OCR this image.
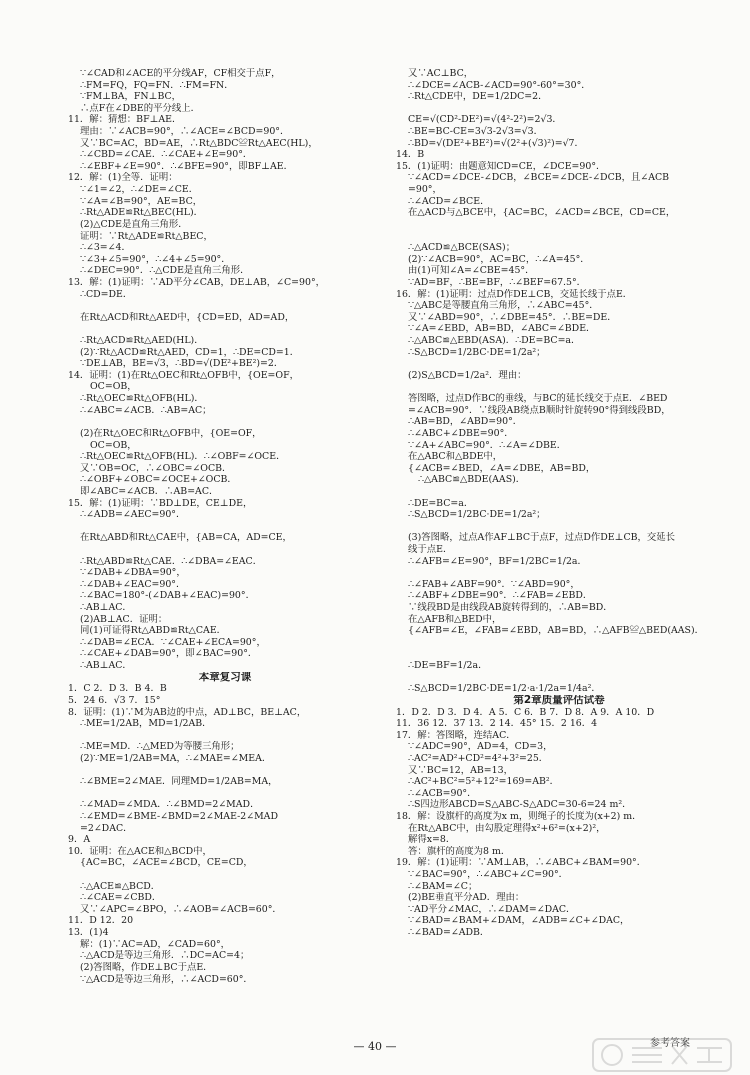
∵∠CAD和∠ACE的平分线AF，CF相交于点F，
∴FM=FQ，FQ=FN．∴FM=FN．
∵FM⊥BA，FN⊥BC，
∴点F在∠DBE的平分线上．
11．解：猜想：BF⊥AE．
理由：∵∠ACB=90°，∴∠ACE=∠BCD=90°．
又∵BC=AC，BD=AE，∴Rt△BDC≌Rt△AEC(HL)，
∴∠CBD=∠CAE．∴∠CAE+∠E=90°．
∴∠EBF+∠E=90°．∴∠BFE=90°，即BF⊥AE．
12．解：(1)全等．证明：
∵∠1=∠2，∴∠DE=∠CE．
∵∠A=∠B=90°，AE=BC，
∴Rt△ADE≌Rt△BEC(HL)．
(2)△CDE是直角三角形．
证明：∵Rt△ADE≌Rt△BEC，
∴∠3=∠4．
∵∠3+∠5=90°，∴∠4+∠5=90°．
∴∠DEC=90°．∴△CDE是直角三角形．
13．解：(1)证明：∵AD平分∠CAB，DE⊥AB，∠C=90°，
∴CD=DE．
在Rt△ACD和Rt△AED中，{CD=ED，AD=AD，
∴Rt△ACD≌Rt△AED(HL)．
(2)∵Rt△ACD≌Rt△AED，CD=1，∴DE=CD=1．
∵DE⊥AB，BE=√3，∴BD=√(DE²+BE²)=2．
14．证明：(1)在Rt△OEC和Rt△OFB中，{OE=OF，
OC=OB，
∴Rt△OEC≌Rt△OFB(HL)．
∴∠ABC=∠ACB．∴AB=AC；
(2)在Rt△OEC和Rt△OFB中，{OE=OF，
OC=OB，
∴Rt△OEC≌Rt△OFB(HL)．∴∠OBF=∠OCE．
又∵OB=OC，∴∠OBC=∠OCB．
∴∠OBF+∠OBC=∠OCE+∠OCB．
即∠ABC=∠ACB．∴AB=AC．
15．解：(1)证明：∵BD⊥DE，CE⊥DE，
∴∠ADB=∠AEC=90°．
在Rt△ABD和Rt△CAE中，{AB=CA，AD=CE，
∴Rt△ABD≌Rt△CAE．∴∠DBA=∠EAC．
∵∠DAB+∠DBA=90°，
∴∠DAB+∠EAC=90°．
∴∠BAC=180°-(∠DAB+∠EAC)=90°．
∴AB⊥AC．
(2)AB⊥AC．证明：
同(1)可证得Rt△ABD≌Rt△CAE．
∴∠DAB=∠ECA．∵∠CAE+∠ECA=90°，
∴∠CAE+∠DAB=90°，即∠BAC=90°．
∴AB⊥AC．
本章复习课
1．C 2．D 3．B 4．B
5．24 6．√3 7．15°
8．证明：(1)∵M为AB边的中点，AD⊥BC，BE⊥AC，
∴ME=1/2AB，MD=1/2AB．
∴ME=MD．∴△MED为等腰三角形；
(2)∵ME=1/2AB=MA，∴∠MAE=∠MEA．
∴∠BME=2∠MAE．同理MD=1/2AB=MA，
∴∠MAD=∠MDA．∴∠BMD=2∠MAD．
∴∠EMD=∠BME-∠BMD=2∠MAE-2∠MAD
=2∠DAC．
9．A
10．证明：在△ACE和△BCD中，
{AC=BC，∠ACE=∠BCD，CE=CD，
∴△ACE≌△BCD．
∴∠CAE=∠CBD．
又∵∠APC=∠BPO，∴∠AOB=∠ACB=60°．
11．D 12．20
13．(1)4
解：(1)∵AC=AD，∠CAD=60°，
∴△ACD是等边三角形．∴DC=AC=4；
(2)答图略，作DE⊥BC于点E．
∵△ACD是等边三角形，∴∠ACD=60°．
又∵AC⊥BC，
∴∠DCE=∠ACB-∠ACD=90°-60°=30°．
∴Rt△CDE中，DE=1/2DC=2．
CE=√(CD²-DE²)=√(4²-2²)=2√3．
∴BE=BC-CE=3√3-2√3=√3．
∴BD=√(DE²+BE²)=√(2²+(√3)²)=√7．
14．B
15．(1)证明：由题意知CD=CE，∠DCE=90°．
∵∠ACD=∠DCE-∠DCB，∠BCE=∠DCE-∠DCB，且∠ACB
=90°，
∴∠ACD=∠BCE．
在△ACD与△BCE中，{AC=BC，∠ACD=∠BCE，CD=CE，
∴△ACD≌△BCE(SAS)；
(2)∵∠ACB=90°，AC=BC，∴∠A=45°．
由(1)可知∠A=∠CBE=45°．
∵AD=BF，∴BE=BF，∴∠BEF=67.5°．
16．解：(1)证明：过点D作DE⊥CB，交延长线于点E．
∵△ABC是等腰直角三角形，∴∠ABC=45°．
又∵∠ABD=90°，∴∠DBE=45°．∴BE=DE．
∵∠A=∠EBD，AB=BD，∠ABC=∠BDE．
∴△ABC≌△EBD(ASA)．∴DE=BC=a．
∴S△BCD=1/2BC·DE=1/2a²；
(2)S△BCD=1/2a²．理由：
答图略，过点D作BC的垂线，与BC的延长线交于点E．∠BED
=∠ACB=90°．∵线段AB绕点B顺时针旋转90°得到线段BD，
∴AB=BD，∠ABD=90°．
∴∠ABC+∠DBE=90°．
∵∠A+∠ABC=90°．∴∠A=∠DBE．
在△ABC和△BDE中，
{∠ACB=∠BED，∠A=∠DBE，AB=BD，
∴△ABC≌△BDE(AAS)．
∴DE=BC=a．
∴S△BCD=1/2BC·DE=1/2a²；
(3)答图略，过点A作AF⊥BC于点F，过点D作DE⊥CB，交延长
线于点E．
∴∠AFB=∠E=90°，BF=1/2BC=1/2a．
∴∠FAB+∠ABF=90°．∵∠ABD=90°，
∴∠ABF+∠DBE=90°．∴∠FAB=∠EBD．
∵线段BD是由线段AB旋转得到的，∴AB=BD．
在△AFB和△BED中，
{∠AFB=∠E，∠FAB=∠EBD，AB=BD，∴△AFB≌△BED(AAS)．
∴DE=BF=1/2a．
∴S△BCD=1/2BC·DE=1/2·a·1/2a=1/4a²．
第2章质量评估试卷
1．D 2．D 3．D 4．A 5．C 6．B 7．D 8．A 9．A 10．D
11．36 12．37 13．2 14．45° 15．2 16．4
17．解：答图略，连结AC．
∵∠ADC=90°，AD=4，CD=3，
∴AC²=AD²+CD²=4²+3²=25．
又∵BC=12，AB=13，
∴AC²+BC²=5²+12²=169=AB²．
∴∠ACB=90°．
∴S四边形ABCD=S△ABC-S△ADC=30-6=24 m²．
18．解：设旗杆的高度为x m，则绳子的长度为(x+2) m．
在Rt△ABC中，由勾股定理得x²+6²=(x+2)²，
解得x=8．
答：旗杆的高度为8 m．
19．解：(1)证明：∵AM⊥AB，∴∠ABC+∠BAM=90°．
∵∠BAC=90°，∴∠ABC+∠C=90°．
∴∠BAM=∠C；
(2)BE垂直平分AD．理由：
∵AD平分∠MAC，∴∠DAM=∠DAC．
∵∠BAD=∠BAM+∠DAM，∠ADB=∠C+∠DAC，
∴∠BAD=∠ADB．
— 40 —	参考答案
